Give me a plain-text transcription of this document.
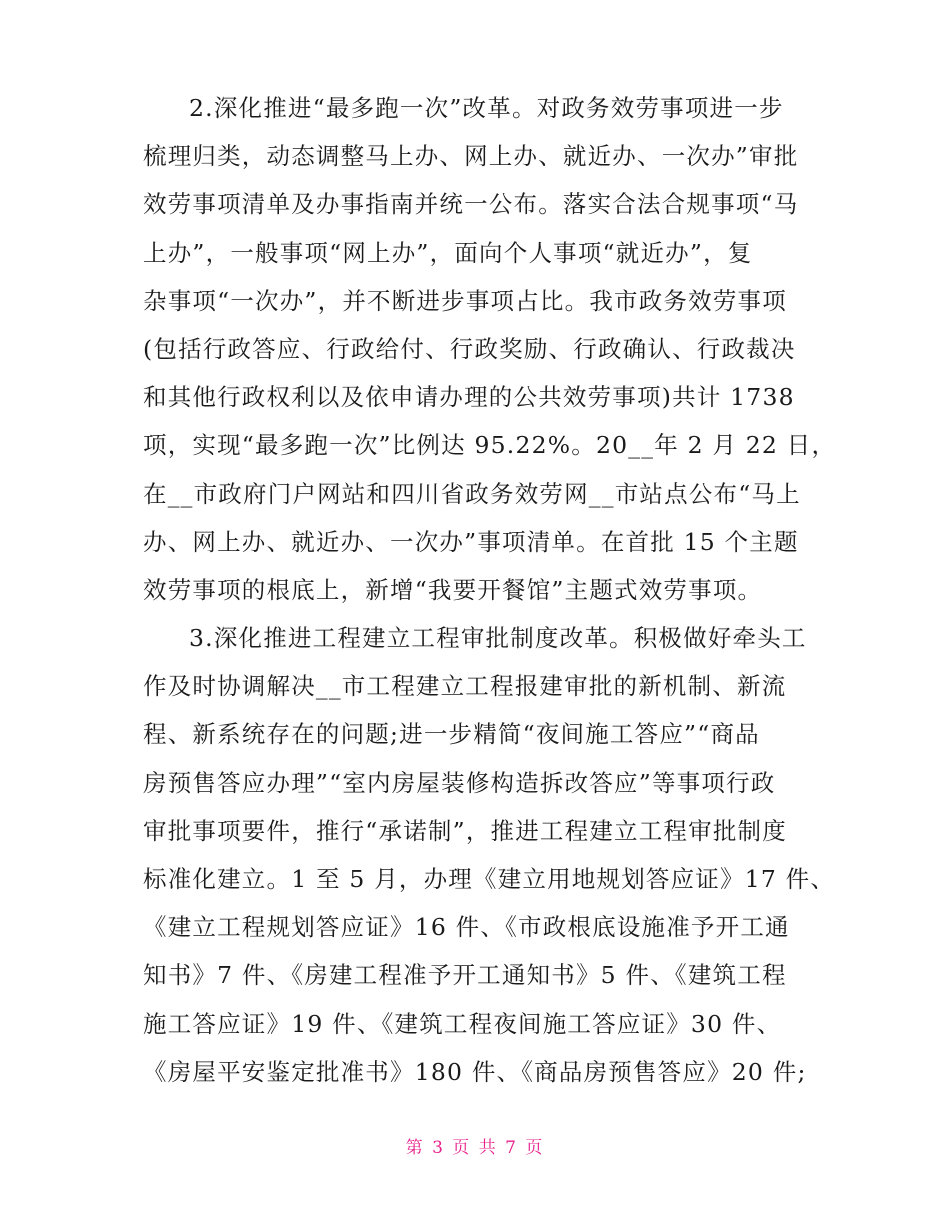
2.深化推进“最多跑一次”改革。对政务效劳事项进一步
梳理归类，动态调整马上办、网上办、就近办、一次办”审批
效劳事项清单及办事指南并统一公布。落实合法合规事项“马
上办”，一般事项“网上办”，面向个人事项“就近办”，复
杂事项“一次办”，并不断进步事项占比。我市政务效劳事项
(包括行政答应、行政给付、行政奖励、行政确认、行政裁决
和其他行政权利以及依申请办理的公共效劳事项)共计 1738
项，实现“最多跑一次”比例达 95.22%。20__年 2 月 22 日，
在__市政府门户网站和四川省政务效劳网__市站点公布“马上
办、网上办、就近办、一次办”事项清单。在首批 15 个主题
效劳事项的根底上，新增“我要开餐馆”主题式效劳事项。
3.深化推进工程建立工程审批制度改革。积极做好牵头工
作及时协调解决__市工程建立工程报建审批的新机制、新流
程、新系统存在的问题;进一步精简“夜间施工答应”“商品
房预售答应办理”“室内房屋装修构造拆改答应”等事项行政
审批事项要件，推行“承诺制”，推进工程建立工程审批制度
标准化建立。1 至 5 月，办理《建立用地规划答应证》17 件、
《建立工程规划答应证》16 件、《市政根底设施准予开工通
知书》7 件、《房建工程准予开工通知书》5 件、《建筑工程
施工答应证》19 件、《建筑工程夜间施工答应证》30 件、
《房屋平安鉴定批准书》180 件、《商品房预售答应》20 件;
第 3 页 共 7 页
